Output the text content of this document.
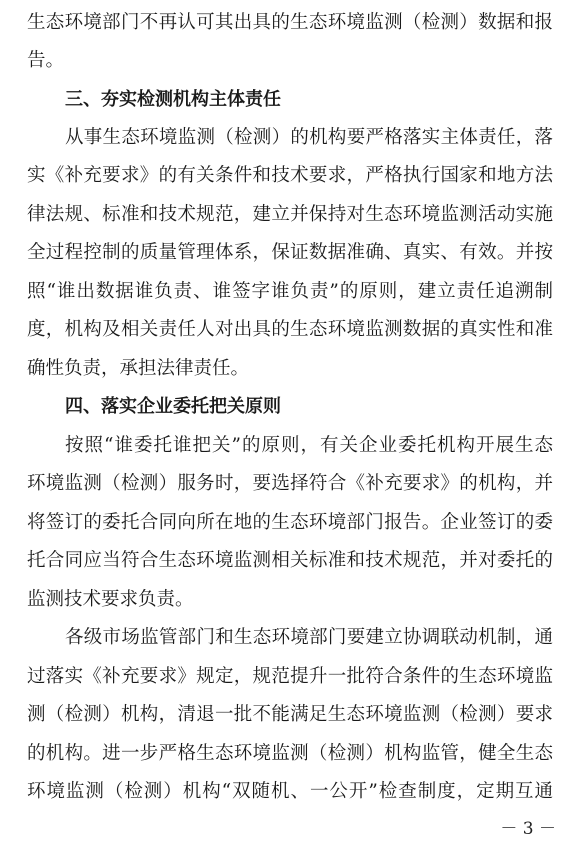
生态环境部门不再认可其出具的生态环境监测（检测）数据和报
告。
三、夯实检测机构主体责任
从事生态环境监测（检测）的机构要严格落实主体责任，落
实《补充要求》的有关条件和技术要求，严格执行国家和地方法
律法规、标准和技术规范，建立并保持对生态环境监测活动实施
全过程控制的质量管理体系，保证数据准确、真实、有效。并按
照“谁出数据谁负责、谁签字谁负责”的原则，建立责任追溯制
度，机构及相关责任人对出具的生态环境监测数据的真实性和准
确性负责，承担法律责任。
四、落实企业委托把关原则
按照“谁委托谁把关”的原则，有关企业委托机构开展生态
环境监测（检测）服务时，要选择符合《补充要求》的机构，并
将签订的委托合同向所在地的生态环境部门报告。企业签订的委
托合同应当符合生态环境监测相关标准和技术规范，并对委托的
监测技术要求负责。
各级市场监管部门和生态环境部门要建立协调联动机制，通
过落实《补充要求》规定，规范提升一批符合条件的生态环境监
测（检测）机构，清退一批不能满足生态环境监测（检测）要求
的机构。进一步严格生态环境监测（检测）机构监管，健全生态
环境监测（检测）机构“双随机、一公开”检查制度，定期互通
－ 3 －
